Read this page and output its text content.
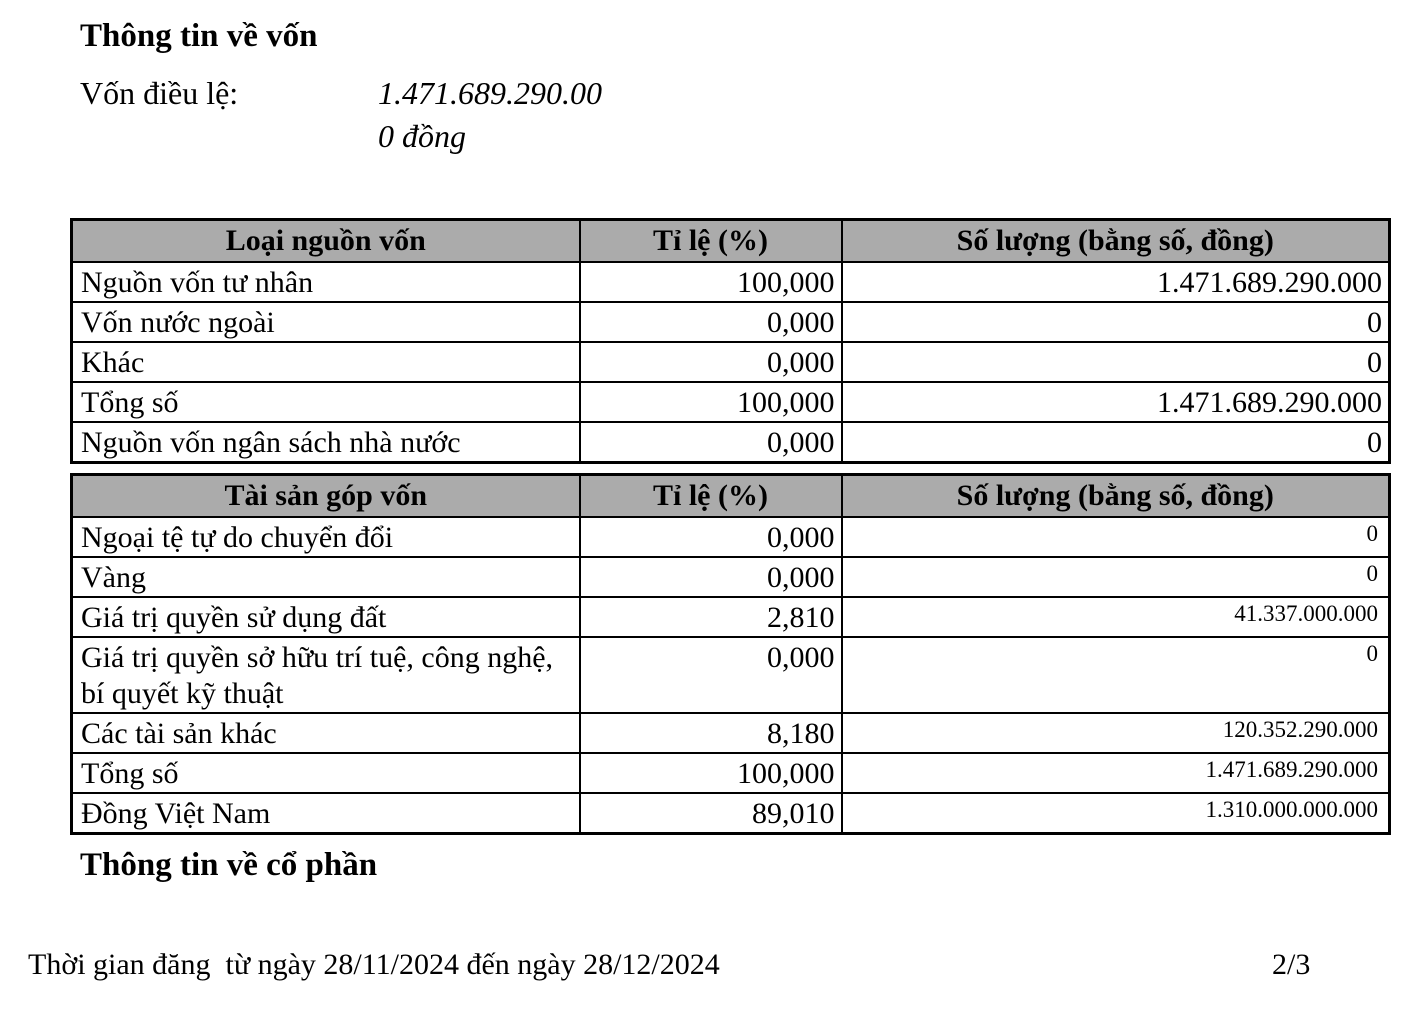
Thông tin về vốn
Vốn điều lệ:	1.471.689.290.00
0 đồng
Loại nguồn vốn	Tỉ lệ (%)	Số lượng (bằng số, đồng)
Nguồn vốn tư nhân	100,000	1.471.689.290.000
Vốn nước ngoài	0,000	0
Khác	0,000	0
Tổng số	100,000	1.471.689.290.000
Nguồn vốn ngân sách nhà nước	0,000	0
Tài sản góp vốn	Tỉ lệ (%)	Số lượng (bằng số, đồng)
Ngoại tệ tự do chuyển đổi	0,000	0
Vàng	0,000	0
Giá trị quyền sử dụng đất	2,810	41.337.000.000
Giá trị quyền sở hữu trí tuệ, công nghệ, bí quyết kỹ thuật	0,000	0
Các tài sản khác	8,180	120.352.290.000
Tổng số	100,000	1.471.689.290.000
Đồng Việt Nam	89,010	1.310.000.000.000
Thông tin về cổ phần
Thời gian đăng  từ ngày 28/11/2024 đến ngày 28/12/2024	2/3
